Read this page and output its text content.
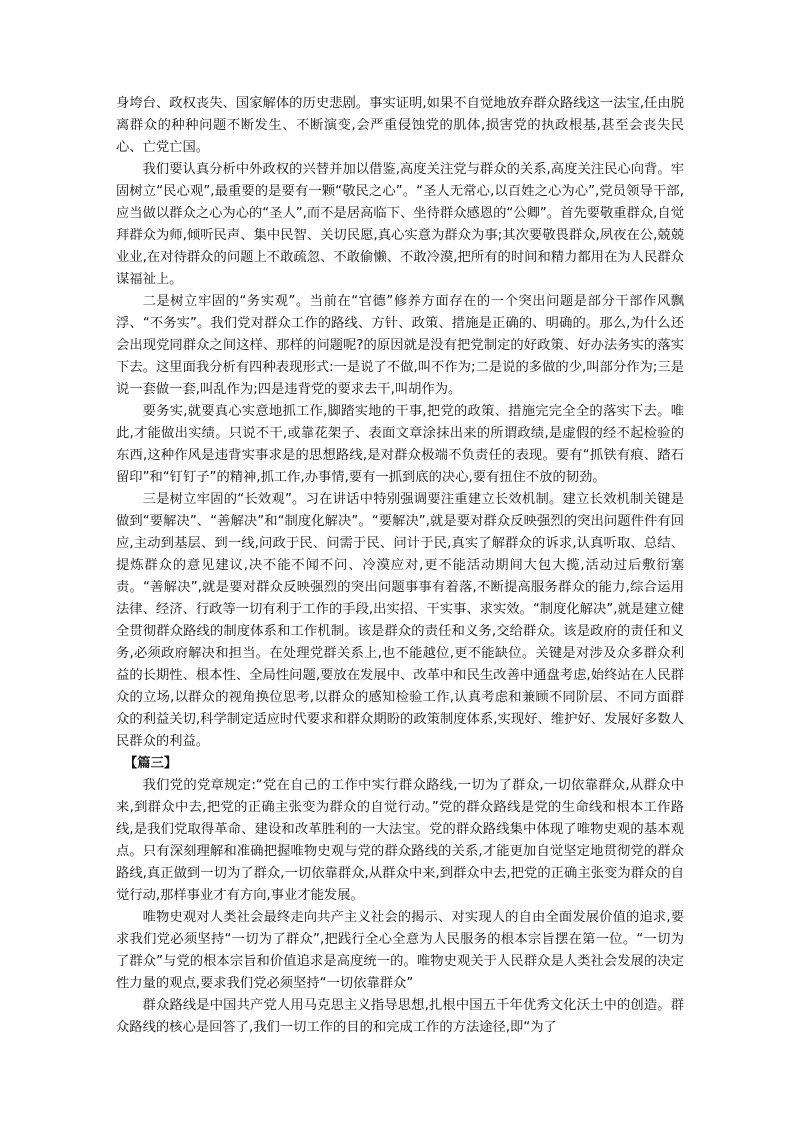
身垮台、政权丧失、国家解体的历史悲剧。事实证明,如果不自觉地放弃群众路线这一法宝,任由脱离群众的种种问题不断发生、不断演变,会严重侵蚀党的肌体,损害党的执政根基,甚至会丧失民心、亡党亡国。

我们要认真分析中外政权的兴替并加以借鉴,高度关注党与群众的关系,高度关注民心向背。牢固树立“民心观”,最重要的是要有一颗“敬民之心”。“圣人无常心,以百姓之心为心”,党员领导干部,应当做以群众之心为心的“圣人”,而不是居高临下、坐待群众感恩的“公卿”。首先要敬重群众,自觉拜群众为师,倾听民声、集中民智、关切民愿,真心实意为群众为事;其次要敬畏群众,夙夜在公,兢兢业业,在对待群众的问题上不敢疏忽、不敢偷懒、不敢冷漠,把所有的时间和精力都用在为人民群众谋福祉上。

二是树立牢固的“务实观”。当前在“官德”修养方面存在的一个突出问题是部分干部作风飘浮、“不务实”。我们党对群众工作的路线、方针、政策、措施是正确的、明确的。那么,为什么还会出现党同群众之间这样、那样的问题呢?的原因就是没有把党制定的好政策、好办法务实的落实下去。这里面我分析有四种表现形式:一是说了不做,叫不作为;二是说的多做的少,叫部分作为;三是说一套做一套,叫乱作为;四是违背党的要求去干,叫胡作为。

要务实,就要真心实意地抓工作,脚踏实地的干事,把党的政策、措施完完全全的落实下去。唯此,才能做出实绩。只说不干,或靠花架子、表面文章涂抹出来的所谓政绩,是虚假的经不起检验的东西,这种作风是违背实事求是的思想路线,是对群众极端不负责任的表现。要有“抓铁有痕、踏石留印”和“钉钉子”的精神,抓工作,办事情,要有一抓到底的决心,要有扭住不放的韧劲。

三是树立牢固的“长效观”。习在讲话中特别强调要注重建立长效机制。建立长效机制关键是做到“要解决”、“善解决”和“制度化解决”。“要解决”,就是要对群众反映强烈的突出问题件件有回应,主动到基层、到一线,问政于民、问需于民、问计于民,真实了解群众的诉求,认真听取、总结、提炼群众的意见建议,决不能不闻不问、冷漠应对,更不能活动期间大包大揽,活动过后敷衍塞责。“善解决”,就是要对群众反映强烈的突出问题事事有着落,不断提高服务群众的能力,综合运用法律、经济、行政等一切有利于工作的手段,出实招、干实事、求实效。“制度化解决”,就是建立健全贯彻群众路线的制度体系和工作机制。该是群众的责任和义务,交给群众。该是政府的责任和义务,必须政府解决和担当。在处理党群关系上,也不能越位,更不能缺位。关键是对涉及众多群众利益的长期性、根本性、全局性问题,要放在发展中、改革中和民生改善中通盘考虑,始终站在人民群众的立场,以群众的视角换位思考,以群众的感知检验工作,认真考虑和兼顾不同阶层、不同方面群众的利益关切,科学制定适应时代要求和群众期盼的政策制度体系,实现好、维护好、发展好多数人民群众的利益。

【篇三】

我们党的党章规定:“党在自己的工作中实行群众路线,一切为了群众,一切依靠群众,从群众中来,到群众中去,把党的正确主张变为群众的自觉行动。”党的群众路线是党的生命线和根本工作路线,是我们党取得革命、建设和改革胜利的一大法宝。党的群众路线集中体现了唯物史观的基本观点。只有深刻理解和准确把握唯物史观与党的群众路线的关系,才能更加自觉坚定地贯彻党的群众路线,真正做到一切为了群众,一切依靠群众,从群众中来,到群众中去,把党的正确主张变为群众的自觉行动,那样事业才有方向,事业才能发展。

唯物史观对人类社会最终走向共产主义社会的揭示、对实现人的自由全面发展价值的追求,要求我们党必须坚持“一切为了群众”,把践行全心全意为人民服务的根本宗旨摆在第一位。“一切为了群众”与党的根本宗旨和价值追求是高度统一的。唯物史观关于人民群众是人类社会发展的决定性力量的观点,要求我们党必须坚持“一切依靠群众”

群众路线是中国共产党人用马克思主义指导思想,扎根中国五千年优秀文化沃土中的创造。群众路线的核心是回答了,我们一切工作的目的和完成工作的方法途径,即“为了
